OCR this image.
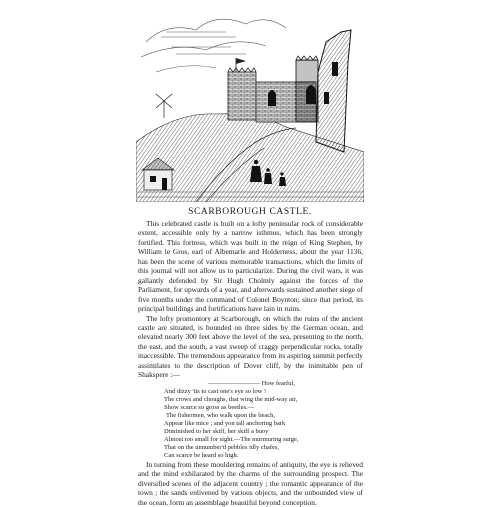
SCARBOROUGH CASTLE.

This celebrated castle is built on a lofty peninsular rock of considerable extent, accessible only by a narrow isthmus, which has been strongly fortified. This fortress, which was built in the reign of King Stephen, by William le Gros, earl of Albemarle and Holderness, about the year 1136, has been the scene of various memorable transactions, which the limits of this journal will not allow us to particularize. During the civil wars, it was gallantly defended by Sir Hugh Cholmly against the forces of the Parliament, for upwards of a year, and afterwards sustained another siege of five months under the command of Colonel Boynton; since that period, its principal buildings and fortifications have lain in ruins.

The lofty promontory at Scarborough, on which the ruins of the ancient castle are situated, is bounded on three sides by the German ocean, and elevated nearly 300 feet above the level of the sea, presenting to the north, the east, and the south, a vast sweep of craggy perpendicular rocks, totally inaccessible. The tremendous appearance from its aspiring summit perfectly assimilates to the description of Dover cliff, by the inimitable pen of Shakspere :—

———————— How fearful,
And dizzy 'tis to cast one's eye so low !
The crows and choughs, that wing the mid-way air,
Show scarce so gross as beetles.—
The fishermen, who walk upon the beach,
Appear like mice ; and yon tall anchoring bark
Diminished to her skiff, her skiff a buoy
Almost too small for sight.—The murmuring surge,
That on the unnumber'd pebbles idly chafes,
Can scarce be heard so high.

In turning from these mouldering remains of antiquity, the eye is relieved and the mind exhilarated by the charms of the surrounding prospect. The diversified scenes of the adjacent country ; the romantic appearance of the town ; the sands enlivened by various objects, and the unbounded view of the ocean, form an assemblage beautiful beyond conception.
